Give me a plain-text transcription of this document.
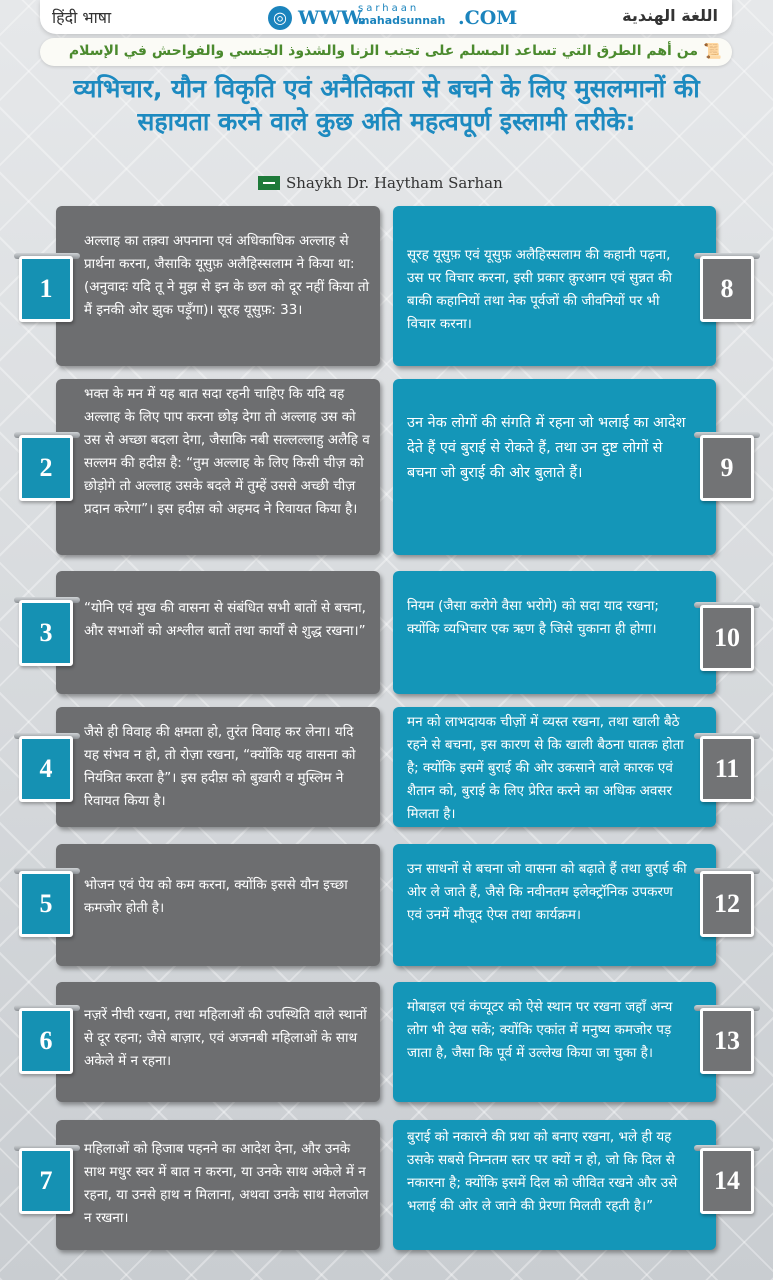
हिंदी भाषा	◎ WWW.
sarhaan
mahadsunnah .COM	اللغة الهندية
📜
من أهم الطرق التي تساعد المسلم على تجنب الزنا والشذوذ الجنسي والفواحش في الإسلام
व्यभिचार, यौन विकृति एवं अनैतिकता से बचने के लिए मुसलमानों की सहायता करने वाले कुछ अति महत्वपूर्ण इस्लामी तरीके:
Shaykh Dr. Haytham Sarhan
अल्लाह का तक़्वा अपनाना एवं अधिकाधिक अल्लाह से प्रार्थना करना, जैसाकि यूसुफ़ अलैहिस्सलाम ने किया था: (अनुवादः यदि तू ने मुझ से इन के छल को दूर नहीं किया तो मैं इनकी ओर झुक पड़ूँगा)। सूरह यूसुफ़: 33।
भक्त के मन में यह बात सदा रहनी चाहिए कि यदि वह अल्लाह के लिए पाप करना छोड़ देगा तो अल्लाह उस को उस से अच्छा बदला देगा, जैसाकि नबी सल्लल्लाहु अलैहि व सल्लम की हदीस़ है: “तुम अल्लाह के लिए किसी चीज़ को छोड़ोगे तो अल्लाह उसके बदले में तुम्हें उससे अच्छी चीज़ प्रदान करेगा”। इस हदीस़ को अहमद ने रिवायत किया है।
“योनि एवं मुख की वासना से संबंधित सभी बातों से बचना, और सभाओं को अश्लील बातों तथा कार्यों से शुद्ध रखना।”
जैसे ही विवाह की क्षमता हो, तुरंत विवाह कर लेना। यदि यह संभव न हो, तो रोज़ा रखना, “क्योंकि यह वासना को नियंत्रित करता है”। इस हदीस़ को बुख़ारी व मुस्लिम ने रिवायत किया है।
भोजन एवं पेय को कम करना, क्योंकि इससे यौन इच्छा कमजोर होती है।
नज़रें नीची रखना, तथा महिलाओं की उपस्थिति वाले स्थानों से दूर रहना; जैसे बाज़ार, एवं अजनबी महिलाओं के साथ अकेले में न रहना।
महिलाओं को हिजाब पहनने का आदेश देना, और उनके साथ मधुर स्वर में बात न करना, या उनके साथ अकेले में न रहना, या उनसे हाथ न मिलाना, अथवा उनके साथ मेलजोल न रखना।
सूरह यूसुफ़ एवं यूसुफ़ अलैहिस्सलाम की कहानी पढ़ना, उस पर विचार करना, इसी प्रकार क़ुरआन एवं सुन्नत की बाकी कहानियों तथा नेक पूर्वजों की जीवनियों पर भी विचार करना।
उन नेक लोगों की संगति में रहना जो भलाई का आदेश देते हैं एवं बुराई से रोकते हैं, तथा उन दुष्ट लोगों से बचना जो बुराई की ओर बुलाते हैं।
नियम (जैसा करोगे वैसा भरोगे) को सदा याद रखना; क्योंकि व्यभिचार एक ऋण है जिसे चुकाना ही होगा।
मन को लाभदायक चीज़ों में व्यस्त रखना, तथा खाली बैठे रहने से बचना, इस कारण से कि खाली बैठना घातक होता है; क्योंकि इसमें बुराई की ओर उकसाने वाले कारक एवं शैतान को, बुराई के लिए प्रेरित करने का अधिक अवसर मिलता है।
उन साधनों से बचना जो वासना को बढ़ाते हैं तथा बुराई की ओर ले जाते हैं, जैसे कि नवीनतम इलेक्ट्रॉनिक उपकरण एवं उनमें मौजूद ऐप्स तथा कार्यक्रम।
मोबाइल एवं कंप्यूटर को ऐसे स्थान पर रखना जहाँ अन्य लोग भी देख सकें; क्योंकि एकांत में मनुष्य कमजोर पड़ जाता है, जैसा कि पूर्व में उल्लेख किया जा चुका है।
बुराई को नकारने की प्रथा को बनाए रखना, भले ही यह उसके सबसे निम्नतम स्तर पर क्यों न हो, जो कि दिल से नकारना है; क्योंकि इसमें दिल को जीवित रखने और उसे भलाई की ओर ले जाने की प्रेरणा मिलती रहती है।”
1
2
3
4
5
6
7
8
9
10
11
12
13
14
